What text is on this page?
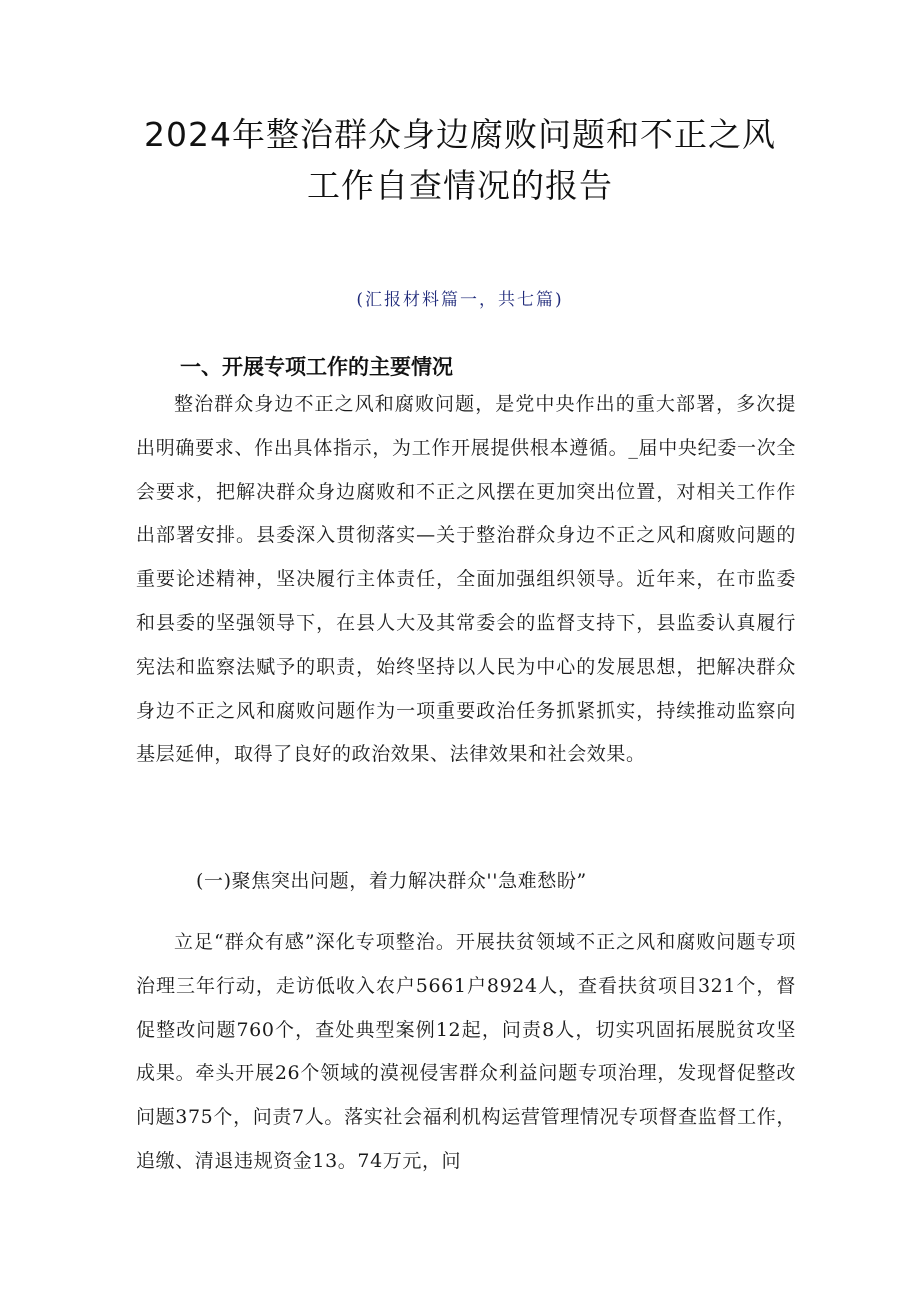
2024年整治群众身边腐败问题和不正之风
工作自查情况的报告
(汇报材料篇一，共七篇)
一、开展专项工作的主要情况

整治群众身边不正之风和腐败问题，是党中央作出的重大部署，多次提出明确要求、作出具体指示，为工作开展提供根本遵循。_届中央纪委一次全会要求，把解决群众身边腐败和不正之风摆在更加突出位置，对相关工作作出部署安排。县委深入贯彻落实—关于整治群众身边不正之风和腐败问题的重要论述精神，坚决履行主体责任，全面加强组织领导。近年来，在市监委和县委的坚强领导下，在县人大及其常委会的监督支持下，县监委认真履行宪法和监察法赋予的职责，始终坚持以人民为中心的发展思想，把解决群众身边不正之风和腐败问题作为一项重要政治任务抓紧抓实，持续推动监察向基层延伸，取得了良好的政治效果、法律效果和社会效果。

(一)聚焦突出问题，着力解决群众''急难愁盼”

立足“群众有感”深化专项整治。开展扶贫领域不正之风和腐败问题专项治理三年行动，走访低收入农户5661户8924人，查看扶贫项目321个，督促整改问题760个，查处典型案例12起，问责8人，切实巩固拓展脱贫攻坚成果。牵头开展26个领域的漠视侵害群众利益问题专项治理，发现督促整改问题375个，问责7人。落实社会福利机构运营管理情况专项督查监督工作，追缴、清退违规资金13。74万元，问
